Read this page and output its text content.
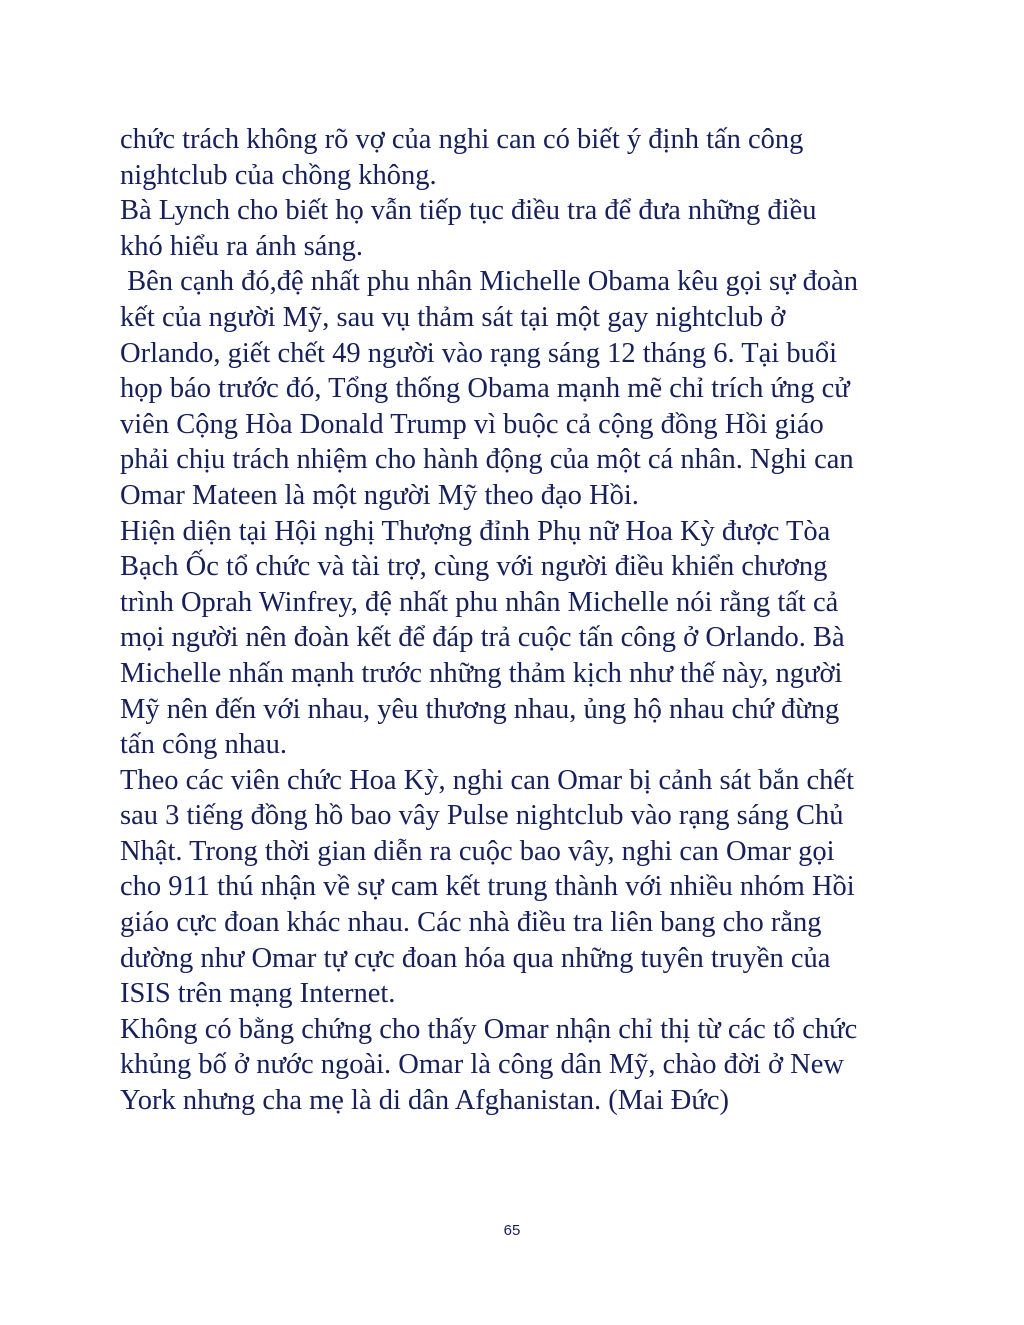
chức trách không rõ vợ của nghi can có biết ý định tấn công
nightclub của chồng không.
Bà Lynch cho biết họ vẫn tiếp tục điều tra để đưa những điều
khó hiểu ra ánh sáng.
Bên cạnh đó,đệ nhất phu nhân Michelle Obama kêu gọi sự đoàn
kết của người Mỹ, sau vụ thảm sát tại một gay nightclub ở
Orlando, giết chết 49 người vào rạng sáng 12 tháng 6. Tại buổi
họp báo trước đó, Tổng thống Obama mạnh mẽ chỉ trích ứng cử
viên Cộng Hòa Donald Trump vì buộc cả cộng đồng Hồi giáo
phải chịu trách nhiệm cho hành động của một cá nhân. Nghi can
Omar Mateen là một người Mỹ theo đạo Hồi.
Hiện diện tại Hội nghị Thượng đỉnh Phụ nữ Hoa Kỳ được Tòa
Bạch Ốc tổ chức và tài trợ, cùng với người điều khiển chương
trình Oprah Winfrey, đệ nhất phu nhân Michelle nói rằng tất cả
mọi người nên đoàn kết để đáp trả cuộc tấn công ở Orlando. Bà
Michelle nhấn mạnh trước những thảm kịch như thế này, người
Mỹ nên đến với nhau, yêu thương nhau, ủng hộ nhau chứ đừng
tấn công nhau.
Theo các viên chức Hoa Kỳ, nghi can Omar bị cảnh sát bắn chết
sau 3 tiếng đồng hồ bao vây Pulse nightclub vào rạng sáng Chủ
Nhật. Trong thời gian diễn ra cuộc bao vây, nghi can Omar gọi
cho 911 thú nhận về sự cam kết trung thành với nhiều nhóm Hồi
giáo cực đoan khác nhau. Các nhà điều tra liên bang cho rằng
dường như Omar tự cực đoan hóa qua những tuyên truyền của
ISIS trên mạng Internet.
Không có bằng chứng cho thấy Omar nhận chỉ thị từ các tổ chức
khủng bố ở nước ngoài. Omar là công dân Mỹ, chào đời ở New
York nhưng cha mẹ là di dân Afghanistan. (Mai Đức)
65
